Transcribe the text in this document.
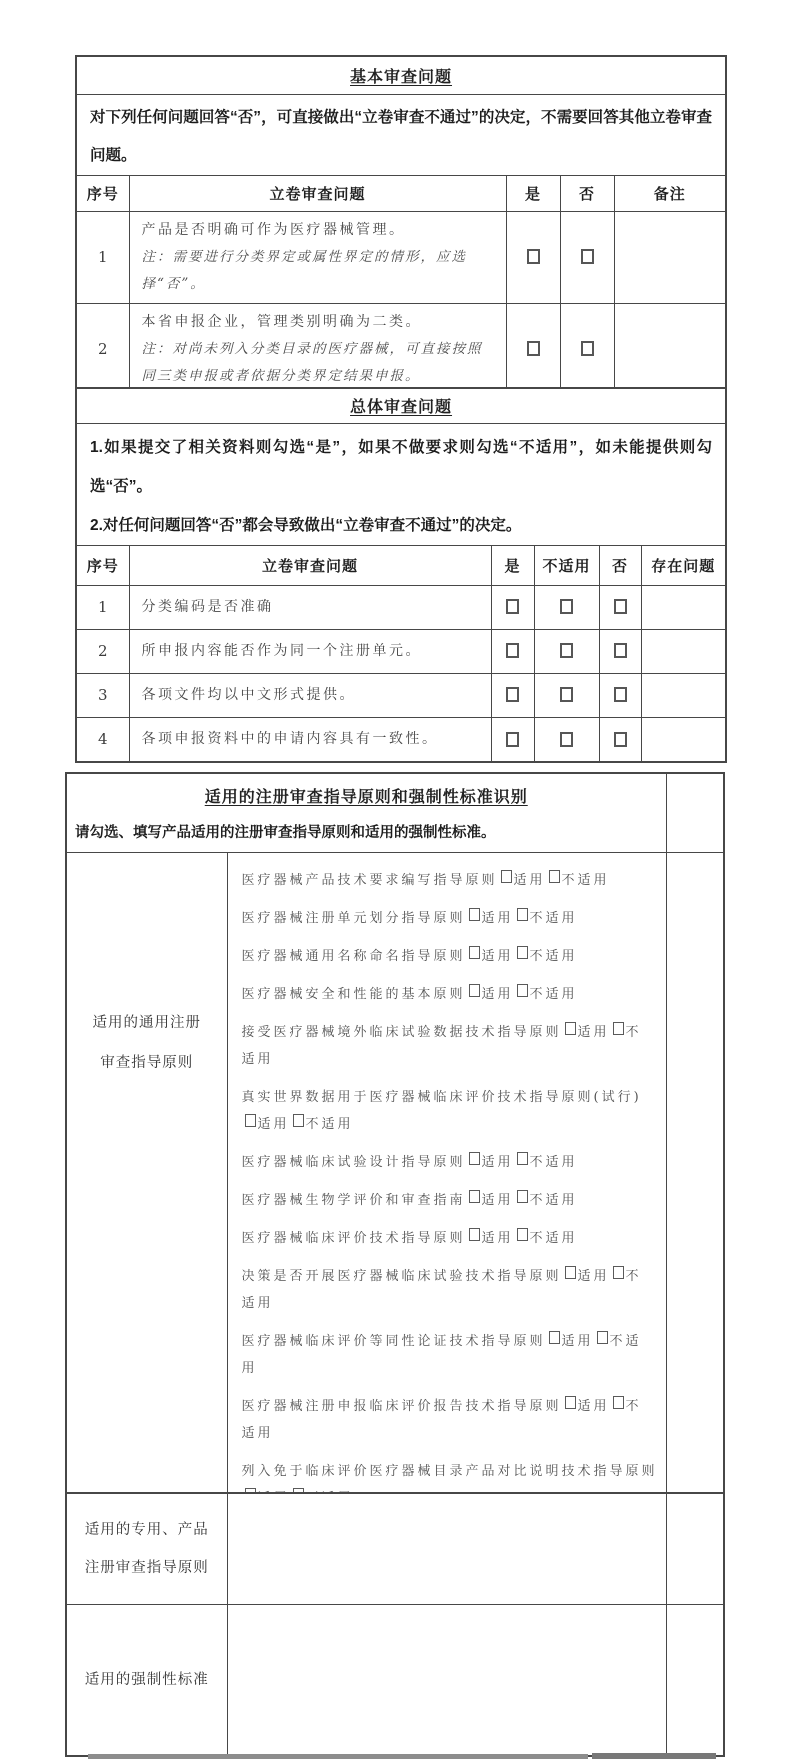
基本审查问题				
对下列任何问题回答“否”，可直接做出“立卷审查不通过”的决定，不需要回答其他立卷审查问题。				
序号	立卷审查问题	是	否	备注
1	产品是否明确可作为医疗器械管理。
注：需要进行分类界定或属性界定的情形，应选择“否”。			

2	本省申报企业，管理类别明确为二类。
注：对尚未列入分类目录的医疗器械，可直接按照同三类申报或者依据分类界定结果申报。			

总体审查问题					

1.如果提交了相关资料则勾选“是”，如果不做要求则勾选“不适用”，如未能提供则勾选“否”。
2.对任何问题回答“否”都会导致做出“立卷审查不通过”的决定。					

序号	立卷审查问题	是	不适用	否	存在问题
1	分类编码是否准确				

2	所申报内容能否作为同一个注册单元。				

3	各项文件均以中文形式提供。				

4	各项申报资料中的申请内容具有一致性。				

适用的注册审查指导原则和强制性标准识别
请勾选、填写产品适用的注册审查指导原则和适用的强制性标准。		

适用的通用注册
审查指导原则

医疗器械产品技术要求编写指导原则 适用 不适用
医疗器械注册单元划分指导原则 适用 不适用
医疗器械通用名称命名指导原则 适用 不适用
医疗器械安全和性能的基本原则 适用 不适用
接受医疗器械境外临床试验数据技术指导原则 适用 不适用
真实世界数据用于医疗器械临床评价技术指导原则(试行)适用 不适用
医疗器械临床试验设计指导原则 适用 不适用
医疗器械生物学评价和审查指南 适用 不适用
医疗器械临床评价技术指导原则 适用 不适用
决策是否开展医疗器械临床试验技术指导原则 适用 不适用
医疗器械临床评价等同性论证技术指导原则 适用 不适用
医疗器械注册申报临床评价报告技术指导原则 适用 不适用
列入免于临床评价医疗器械目录产品对比说明技术指导原则

适用的专用、产品
注册审查指导原则		

适用的强制性标准		
